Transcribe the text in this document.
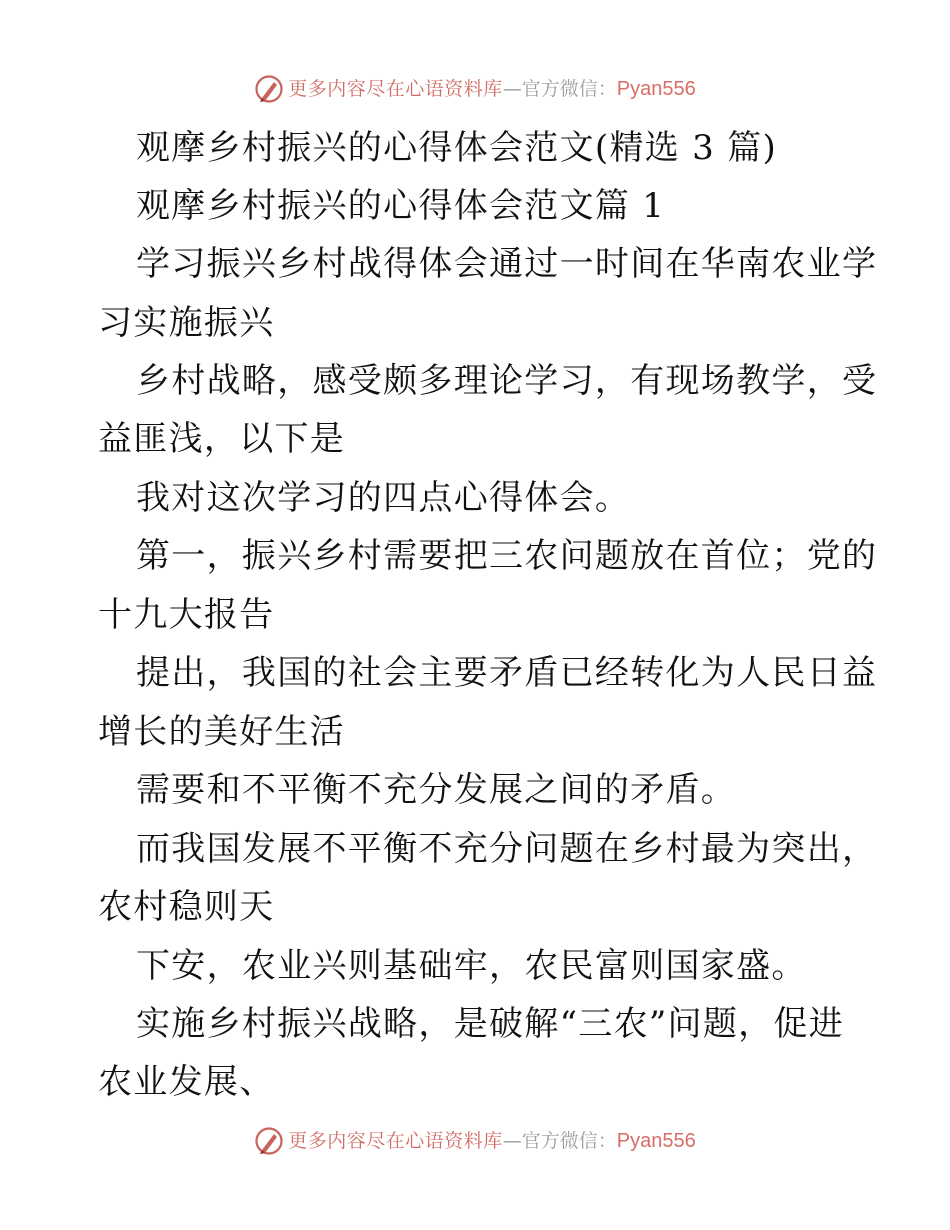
更多内容尽在心语资料库 — 官方微信： Pyan556
观摩乡村振兴的心得体会范文(精选 3 篇)
观摩乡村振兴的心得体会范文篇 1
学习振兴乡村战得体会通过一时间在华南农业学
习实施振兴
乡村战略，感受颇多理论学习，有现场教学，受
益匪浅，以下是
我对这次学习的四点心得体会。
第一，振兴乡村需要把三农问题放在首位；党的
十九大报告
提出，我国的社会主要矛盾已经转化为人民日益
增长的美好生活
需要和不平衡不充分发展之间的矛盾。
而我国发展不平衡不充分问题在乡村最为突出，
农村稳则天
下安，农业兴则基础牢，农民富则国家盛。
实施乡村振兴战略，是破解“三农”问题，促进
农业发展、
更多内容尽在心语资料库 — 官方微信： Pyan556
